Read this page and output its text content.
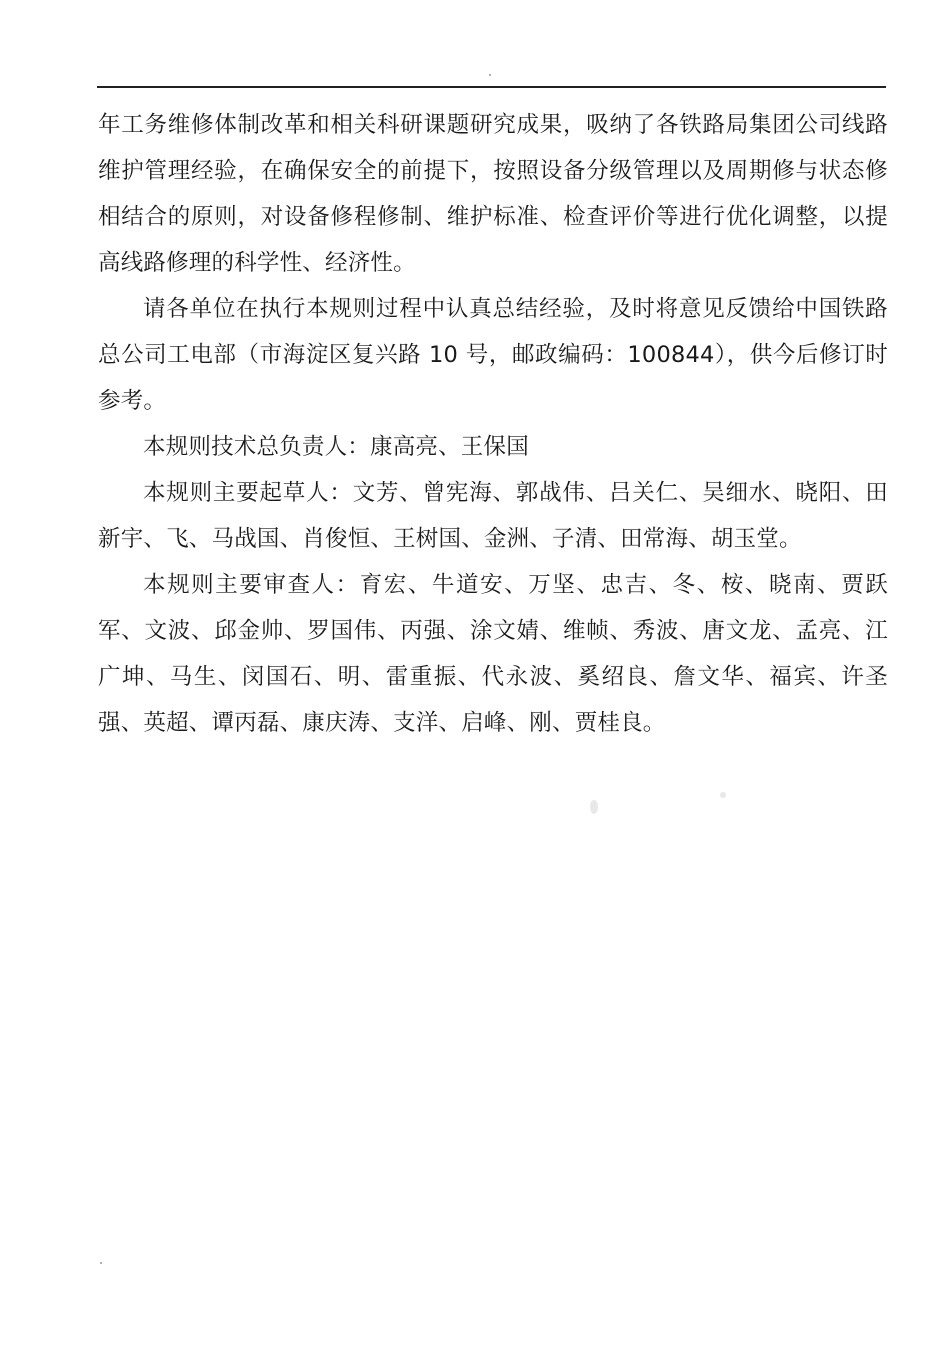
年工务维修体制改革和相关科研课题研究成果，吸纳了各铁路局集团公司线路维护管理经验，在确保安全的前提下，按照设备分级管理以及周期修与状态修相结合的原则，对设备修程修制、维护标准、检查评价等进行优化调整，以提高线路修理的科学性、经济性。

请各单位在执行本规则过程中认真总结经验，及时将意见反馈给中国铁路总公司工电部（市海淀区复兴路 10 号，邮政编码：100844），供今后修订时参考。

本规则技术总负责人：康高亮、王保国

本规则主要起草人：文芳、曾宪海、郭战伟、吕关仁、吴细水、晓阳、田新宇、飞、马战国、肖俊恒、王树国、金洲、子清、田常海、胡玉堂。

本规则主要审查人：育宏、牛道安、万坚、忠吉、冬、桉、晓南、贾跃军、文波、邱金帅、罗国伟、丙强、涂文婧、维帧、秀波、唐文龙、孟亮、江广坤、马生、闵国石、明、雷重振、代永波、奚绍良、詹文华、福宾、许圣强、英超、谭丙磊、康庆涛、支洋、启峰、刚、贾桂良。
